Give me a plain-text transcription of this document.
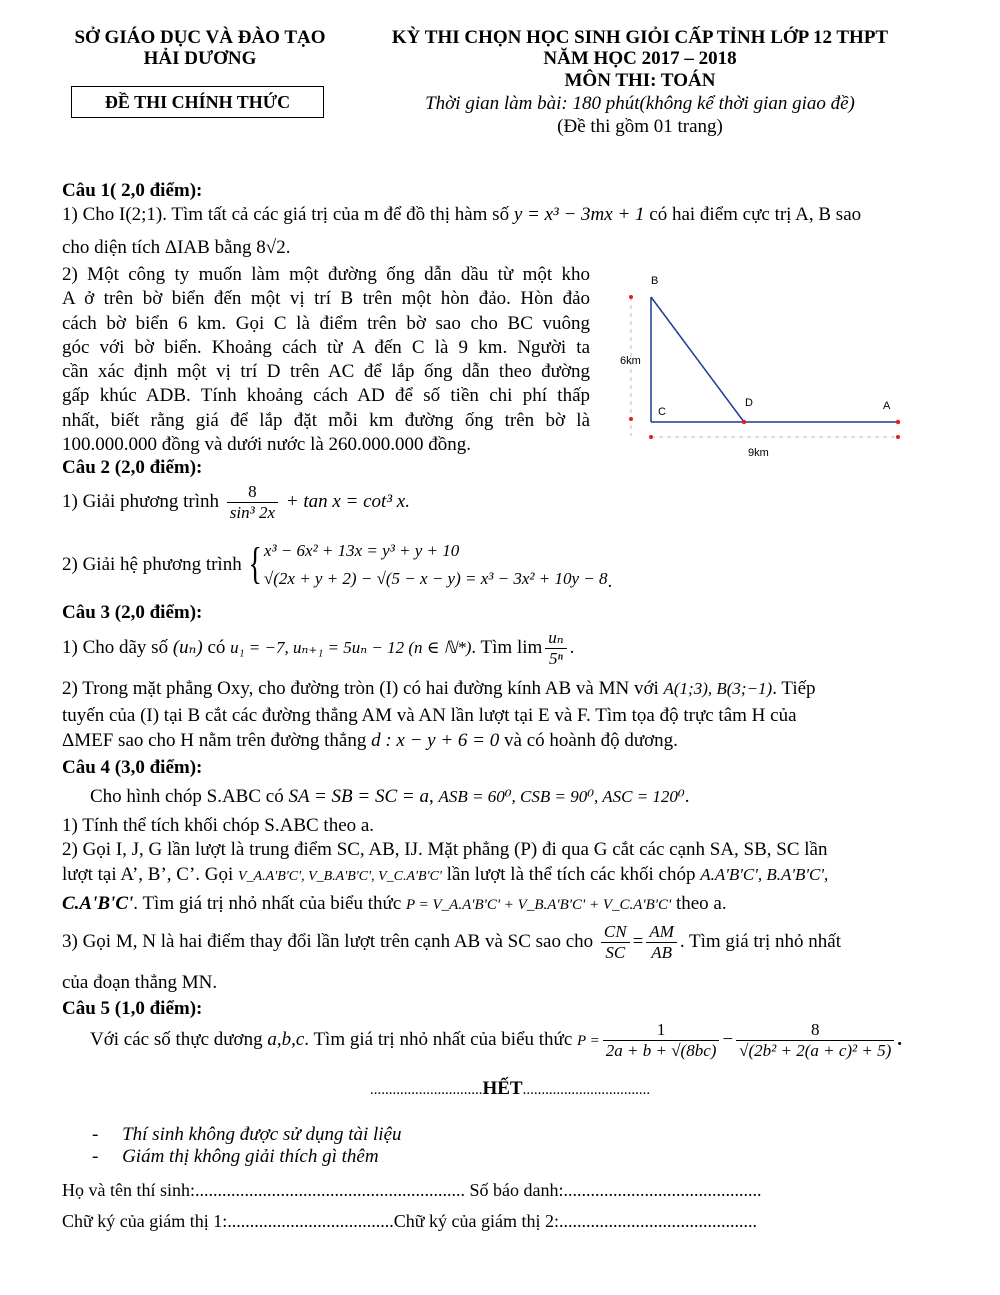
SỞ GIÁO DỤC VÀ ĐÀO TẠO
HẢI DƯƠNG
ĐỀ THI CHÍNH THỨC
KỲ THI CHỌN HỌC SINH GIỎI CẤP TỈNH LỚP 12 THPT
NĂM HỌC 2017 – 2018
MÔN THI: TOÁN
Thời gian làm bài: 180 phút(không kể thời gian giao đề)
(Đề thi gồm 01 trang)
Câu 1( 2,0 điểm):
1) Cho I(2;1). Tìm tất cả các giá trị của m để đồ thị hàm số y = x³ − 3mx + 1 có hai điểm cực trị A, B sao
cho diện tích ΔIAB bằng 8√2.
2) Một công ty muốn làm một đường ống dẫn dầu từ một kho
A ở trên bờ biển đến một vị trí B trên một hòn đảo. Hòn đảo
cách bờ biển 6 km. Gọi C là điểm trên bờ sao cho BC vuông
góc với bờ biển. Khoảng cách từ A đến C là 9 km. Người ta
cần xác định một vị trí D trên AC để lắp ống dẫn theo đường
gấp khúc ADB. Tính khoảng cách AD để số tiền chi phí thấp
nhất, biết rằng giá để lắp đặt mỗi km đường ống trên bờ là
100.000.000 đồng và dưới nước là 260.000.000 đồng.
B
C
D	A
6km
9km
Câu 2 (2,0 điểm):
1) Giải phương trình $\frac{8}{\text{sin³ 2x}} + \tan x = \cot^3$ x.
2) Giải hệ phương trình { x³ − 6x² + 13x = y³ + y + 10
√(2x + y + 2) − √(5 − x − y) = x³ − 3x² + 10y − 8 .
Câu 3 (2,0 điểm):
1) Cho dãy số (uₙ) có u₁ = −7, uₙ₊₁ = 5uₙ − 12 (n ∈ ℕ*). Tìm $\lim \frac{\text{uₙ}}{\text{5ⁿ}}$ .
2) Trong mặt phẳng Oxy, cho đường tròn (I) có hai đường kính AB và MN với A(1;3), B(3;−1). Tiếp
tuyến của (I) tại B cắt các đường thẳng AM và AN lần lượt tại E và F. Tìm tọa độ trực tâm H của
ΔMEF sao cho H nằm trên đường thẳng d : x − y + 6 = 0 và có hoành độ dương.
Câu 4 (3,0 điểm):
Cho hình chóp S.ABC có SA = SB = SC = a, ASB = 60⁰, CSB = 90⁰, ASC = 120⁰.
1) Tính thể tích khối chóp S.ABC theo a.
2) Gọi I, J, G lần lượt là trung điểm SC, AB, IJ. Mặt phẳng (P) đi qua G cắt các cạnh SA, SB, SC lần
lượt tại A’, B’, C’. Gọi V_A.A'B'C', V_B.A'B'C', V_C.A'B'C' lần lượt là thể tích các khối chóp A.A'B'C', B.A'B'C',
C.A'B'C'. Tìm giá trị nhỏ nhất của biểu thức P = V_A.A'B'C' + V_B.A'B'C' + V_C.A'B'C' theo a.
3) Gọi M, N là hai điểm thay đổi lần lượt trên cạnh AB và SC sao cho $\frac{CN}{SC} = \frac{AM}{AB}$ . Tìm giá trị nhỏ nhất
của đoạn thẳng MN.
Câu 5 (1,0 điểm):
Với các số thực dương a,b,c. Tìm giá trị nhỏ nhất của biểu thức $P = \frac{1}{2a + b + √(8bc)} - \frac{8}{\text{√(2b² + 2(a + c)² + 5)}}$ .
..............................HẾT..................................
-     Thí sinh không được sử dụng tài liệu
-     Giám thị không giải thích gì thêm
Họ và tên thí sinh:............................................................ Số báo danh:............................................
Chữ ký của giám thị 1:.....................................Chữ ký của giám thị 2:............................................
